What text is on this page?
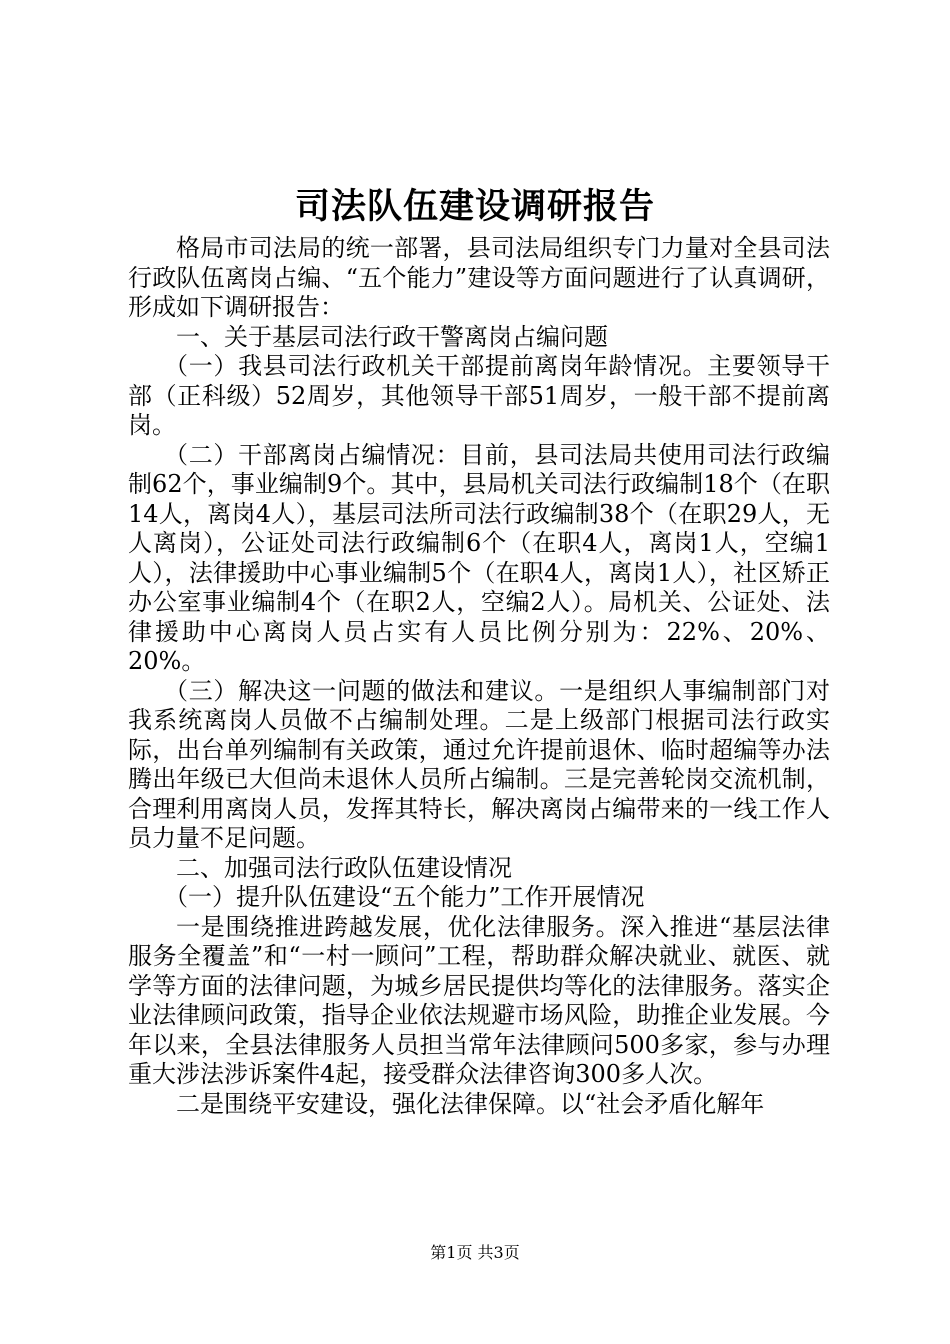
司法队伍建设调研报告

格局市司法局的统一部署，县司法局组织专门力量对全县司法行政队伍离岗占编、“五个能力”建设等方面问题进行了认真调研，形成如下调研报告：

一、关于基层司法行政干警离岗占编问题

（一）我县司法行政机关干部提前离岗年龄情况。主要领导干部（正科级）52周岁，其他领导干部51周岁，一般干部不提前离岗。

（二）干部离岗占编情况：目前，县司法局共使用司法行政编制62个，事业编制9个。其中，县局机关司法行政编制18个（在职14人，离岗4人），基层司法所司法行政编制38个（在职29人，无人离岗），公证处司法行政编制6个（在职4人，离岗1人，空编1人），法律援助中心事业编制5个（在职4人，离岗1人），社区矫正办公室事业编制4个（在职2人，空编2人）。局机关、公证处、法律援助中心离岗人员占实有人员比例分别为：22%、20%、20%。

（三）解决这一问题的做法和建议。一是组织人事编制部门对我系统离岗人员做不占编制处理。二是上级部门根据司法行政实际，出台单列编制有关政策，通过允许提前退休、临时超编等办法腾出年级已大但尚未退休人员所占编制。三是完善轮岗交流机制，合理利用离岗人员，发挥其特长，解决离岗占编带来的一线工作人员力量不足问题。

二、加强司法行政队伍建设情况

（一）提升队伍建设“五个能力”工作开展情况

一是围绕推进跨越发展，优化法律服务。深入推进“基层法律服务全覆盖”和“一村一顾问”工程，帮助群众解决就业、就医、就学等方面的法律问题，为城乡居民提供均等化的法律服务。落实企业法律顾问政策，指导企业依法规避市场风险，助推企业发展。今年以来，全县法律服务人员担当常年法律顾问500多家，参与办理重大涉法涉诉案件4起，接受群众法律咨询300多人次。

二是围绕平安建设，强化法律保障。以“社会矛盾化解年

第1页 共3页
